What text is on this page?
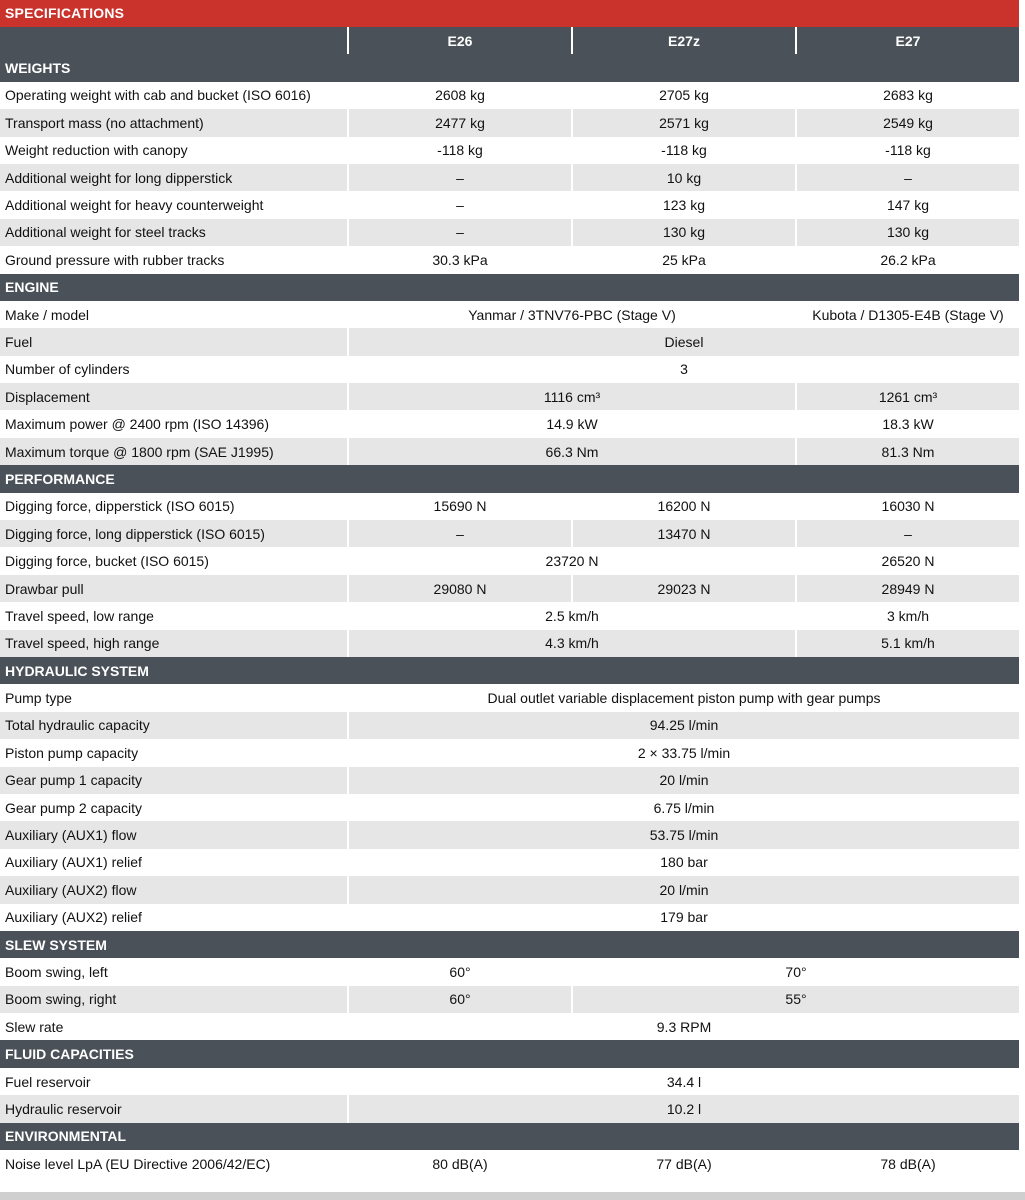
SPECIFICATIONS
	E26	E27z	E27
WEIGHTS			
Operating weight with cab and bucket (ISO 6016)	2608 kg	2705 kg	2683 kg
Transport mass (no attachment)	2477 kg	2571 kg	2549 kg
Weight reduction with canopy	-118 kg	-118 kg	-118 kg
Additional weight for long dipperstick	–	10 kg	–
Additional weight for heavy counterweight	–	123 kg	147 kg
Additional weight for steel tracks	–	130 kg	130 kg
Ground pressure with rubber tracks	30.3 kPa	25 kPa	26.2 kPa
ENGINE			
Make / model	Yanmar / 3TNV76-PBC (Stage V)		Kubota / D1305-E4B (Stage V)
Fuel	Diesel		
Number of cylinders	3		
Displacement	1116 cm³		1261 cm³
Maximum power @ 2400 rpm (ISO 14396)	14.9 kW		18.3 kW
Maximum torque @ 1800 rpm (SAE J1995)	66.3 Nm		81.3 Nm
PERFORMANCE			
Digging force, dipperstick (ISO 6015)	15690 N	16200 N	16030 N
Digging force, long dipperstick (ISO 6015)	–	13470 N	–
Digging force, bucket (ISO 6015)	23720 N		26520 N
Drawbar pull	29080 N	29023 N	28949 N
Travel speed, low range	2.5 km/h		3 km/h
Travel speed, high range	4.3 km/h		5.1 km/h
HYDRAULIC SYSTEM			
Pump type	Dual outlet variable displacement piston pump with gear pumps		
Total hydraulic capacity	94.25 l/min		
Piston pump capacity	2 × 33.75 l/min		
Gear pump 1 capacity	20 l/min		
Gear pump 2 capacity	6.75 l/min		
Auxiliary (AUX1) flow	53.75 l/min		
Auxiliary (AUX1) relief	180 bar		
Auxiliary (AUX2) flow	20 l/min		
Auxiliary (AUX2) relief	179 bar		
SLEW SYSTEM			
Boom swing, left	60°	70°	
Boom swing, right	60°	55°	
Slew rate	9.3 RPM		
FLUID CAPACITIES			
Fuel reservoir	34.4 l		
Hydraulic reservoir	10.2 l		
ENVIRONMENTAL			
Noise level LpA (EU Directive 2006/42/EC)	80 dB(A)	77 dB(A)	78 dB(A)
